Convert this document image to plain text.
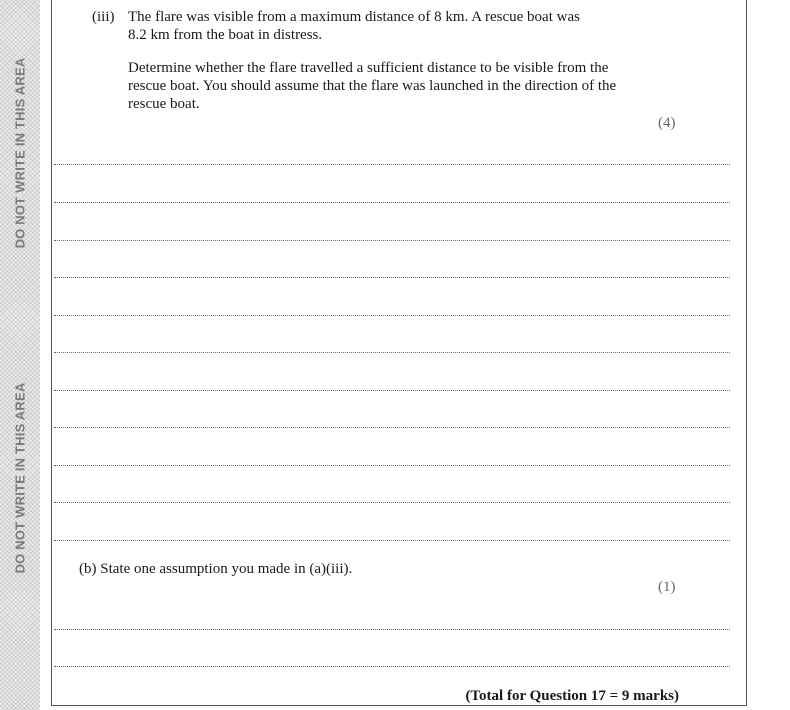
DO NOT WRITE IN THIS AREA
DO NOT WRITE IN THIS AREA
(iii) The flare was visible from a maximum distance of 8 km. A rescue boat was
8.2 km from the boat in distress.
Determine whether the flare travelled a sufficient distance to be visible from the
rescue boat. You should assume that the flare was launched in the direction of the
rescue boat.
(4)
(b) State one assumption you made in (a)(iii).
(1)
(Total for Question 17 = 9 marks)
